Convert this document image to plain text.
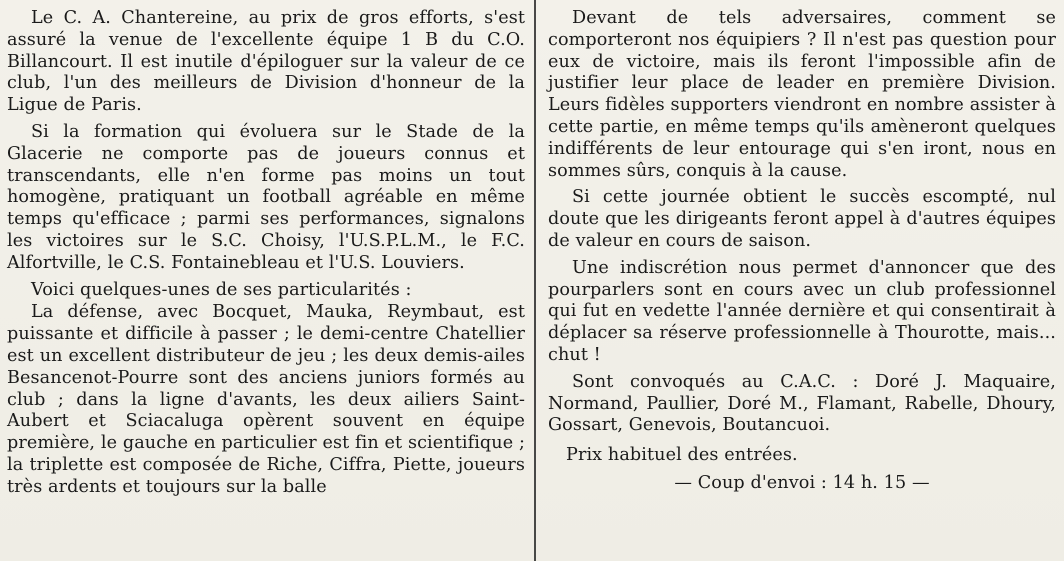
Le C. A. Chantereine, au prix de gros efforts, s'est assuré la venue de l'excellente équipe 1 B du C.O. Billancourt. Il est inutile d'épiloguer sur la valeur de ce club, l'un des meilleurs de Division d'honneur de la Ligue de Paris.

Si la formation qui évoluera sur le Stade de la Glacerie ne comporte pas de joueurs connus et transcendants, elle n'en forme pas moins un tout homogène, pratiquant un football agréable en même temps qu'efficace ; parmi ses performances, signalons les victoires sur le S.C. Choisy, l'U.S.P.L.M., le F.C. Alfortville, le C.S. Fontainebleau et l'U.S. Louviers.

Voici quelques-unes de ses particularités :

La défense, avec Bocquet, Mauka, Reymbaut, est puissante et difficile à passer ; le demi-centre Chatellier est un excellent distributeur de jeu ; les deux demis-ailes Besancenot-Pourre sont des anciens juniors formés au club ; dans la ligne d'avants, les deux ailiers Saint-Aubert et Sciacaluga opèrent souvent en équipe première, le gauche en particulier est fin et scientifique ; la triplette est composée de Riche, Ciffra, Piette, joueurs très ardents et toujours sur la balle

Devant de tels adversaires, comment se comporteront nos équipiers ? Il n'est pas question pour eux de victoire, mais ils feront l'impossible afin de justifier leur place de leader en première Division. Leurs fidèles supporters viendront en nombre assister à cette partie, en même temps qu'ils amèneront quelques indifférents de leur entourage qui s'en iront, nous en sommes sûrs, conquis à la cause.

Si cette journée obtient le succès escompté, nul doute que les dirigeants feront appel à d'autres équipes de valeur en cours de saison.

Une indiscrétion nous permet d'annoncer que des pourparlers sont en cours avec un club professionnel qui fut en vedette l'année dernière et qui consentirait à déplacer sa réserve professionnelle à Thourotte, mais... chut !

Sont convoqués au C.A.C. : Doré J. Maquaire, Normand, Paullier, Doré M., Flamant, Rabelle, Dhoury, Gossart, Genevois, Boutancuoi.

Prix habituel des entrées.

— Coup d'envoi : 14 h. 15 —
